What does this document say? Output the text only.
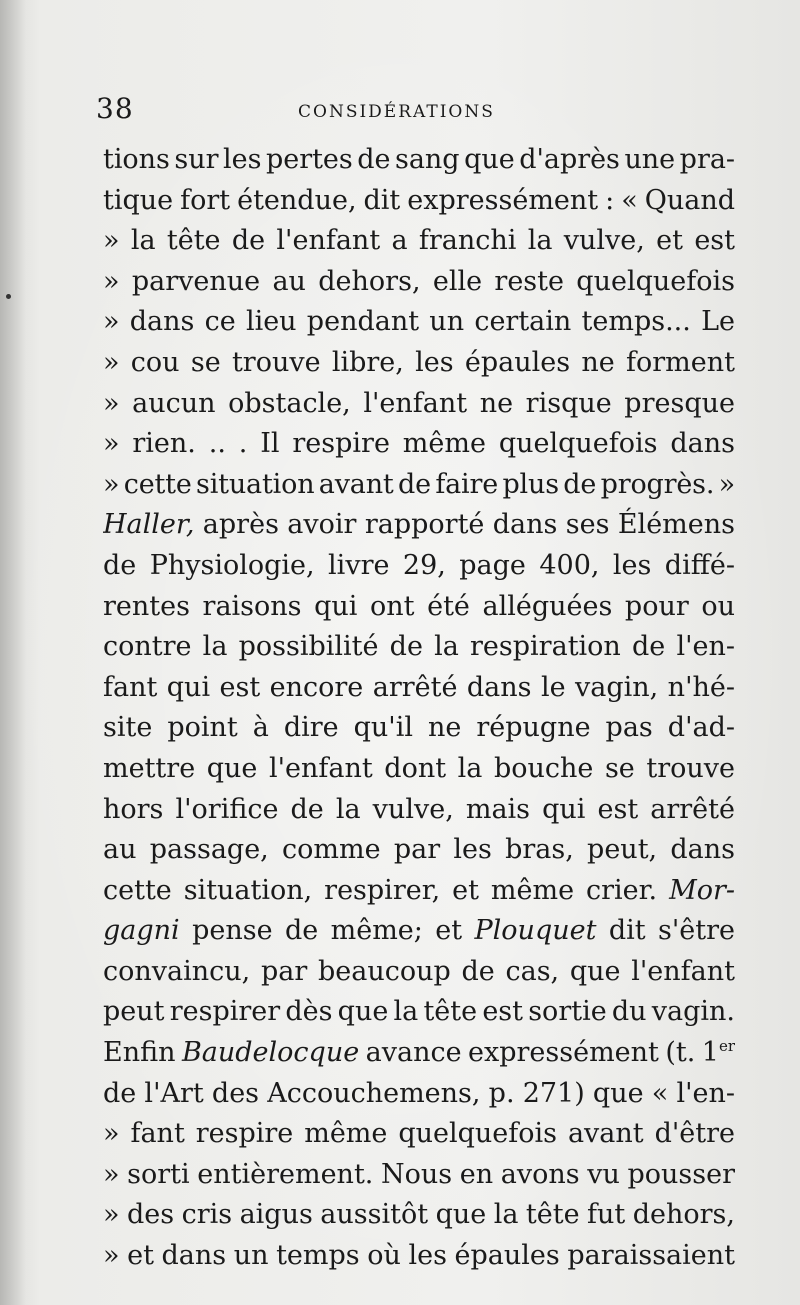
38	CONSIDÉRATIONS
tions sur les pertes de sang que d'après une pra-
tique fort étendue, dit expressément : « Quand
» la tête de l'enfant a franchi la vulve, et est
» parvenue au dehors, elle reste quelquefois
» dans ce lieu pendant un certain temps... Le
» cou se trouve libre, les épaules ne forment
» aucun obstacle, l'enfant ne risque presque
» rien. .. . Il respire même quelquefois dans
» cette situation avant de faire plus de progrès. »
Haller, après avoir rapporté dans ses Élémens
de Physiologie, livre 29, page 400, les diffé-
rentes raisons qui ont été alléguées pour ou
contre la possibilité de la respiration de l'en-
fant qui est encore arrêté dans le vagin, n'hé-
site point à dire qu'il ne répugne pas d'ad-
mettre que l'enfant dont la bouche se trouve
hors l'orifice de la vulve, mais qui est arrêté
au passage, comme par les bras, peut, dans
cette situation, respirer, et même crier. Mor-
gagni pense de même; et Plouquet dit s'être
convaincu, par beaucoup de cas, que l'enfant
peut respirer dès que la tête est sortie du vagin.
Enfin Baudelocque avance expressément (t. 1er
de l'Art des Accouchemens, p. 271) que « l'en-
» fant respire même quelquefois avant d'être
» sorti entièrement. Nous en avons vu pousser
» des cris aigus aussitôt que la tête fut dehors,
» et dans un temps où les épaules paraissaient
